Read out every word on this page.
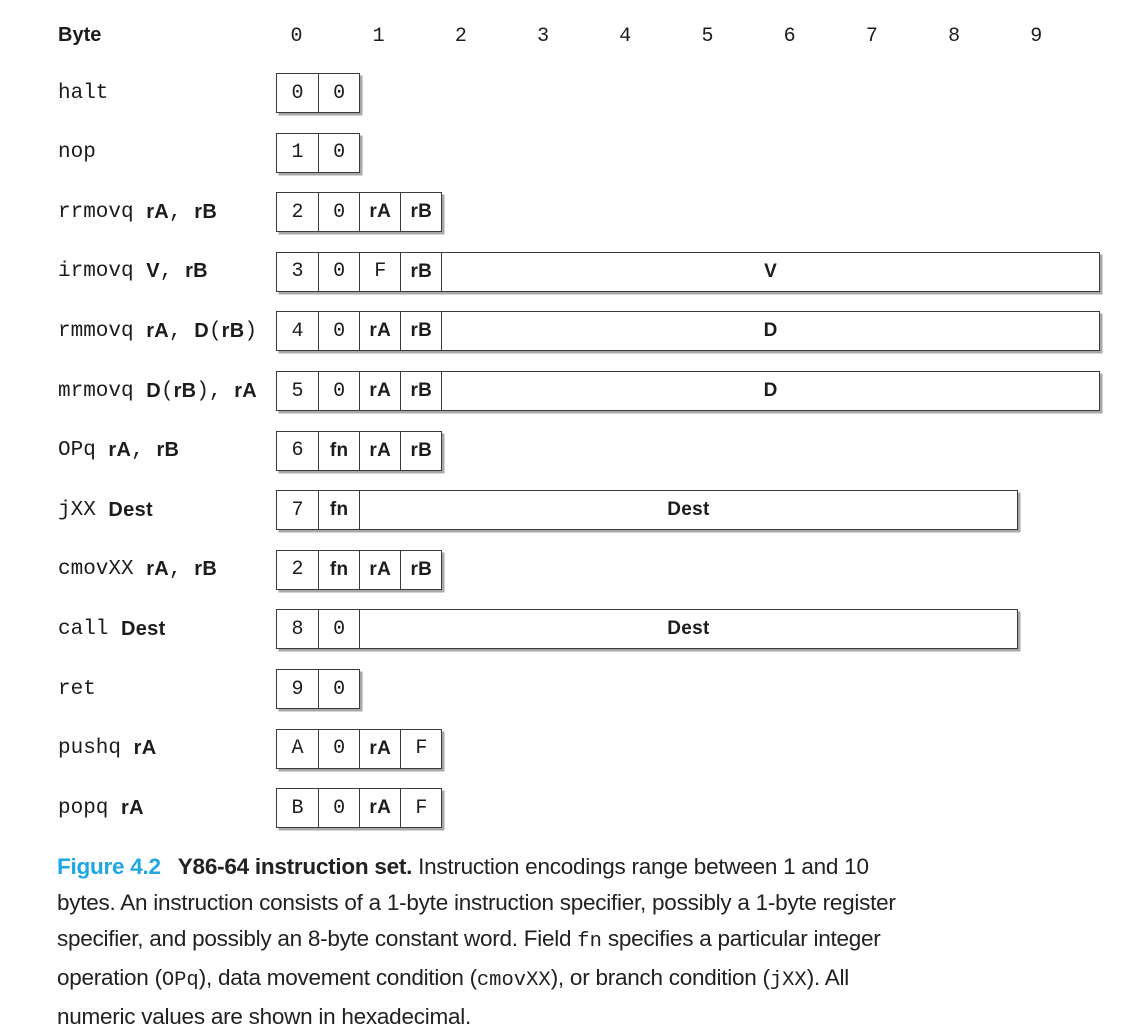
Byte	0	1	2	3	4	5	6	7	8	9
halt	0	0
nop	1	0
rrmovq rA , rB	2	0	rA	rB
irmovq V , rB	3	0	F	rB	V
rmmovq rA , D ( rB )	4	0	rA	rB	D
mrmovq D ( rB ), rA	5	0	rA	rB	D
OPq rA , rB	6	fn	rA	rB
jXX Dest	7	fn	Dest
cmovXX rA , rB	2	fn	rA	rB
call Dest	8	0	Dest
ret	9	0
pushq rA	A	0	rA	F
popq rA	B	0	rA	F
Figure 4.2 Y86-64 instruction set. Instruction encodings range between 1 and 10
bytes. An instruction consists of a 1-byte instruction specifier, possibly a 1-byte register
specifier, and possibly an 8-byte constant word. Field fn specifies a particular integer
operation (OPq), data movement condition (cmovXX), or branch condition (jXX). All
numeric values are shown in hexadecimal.
